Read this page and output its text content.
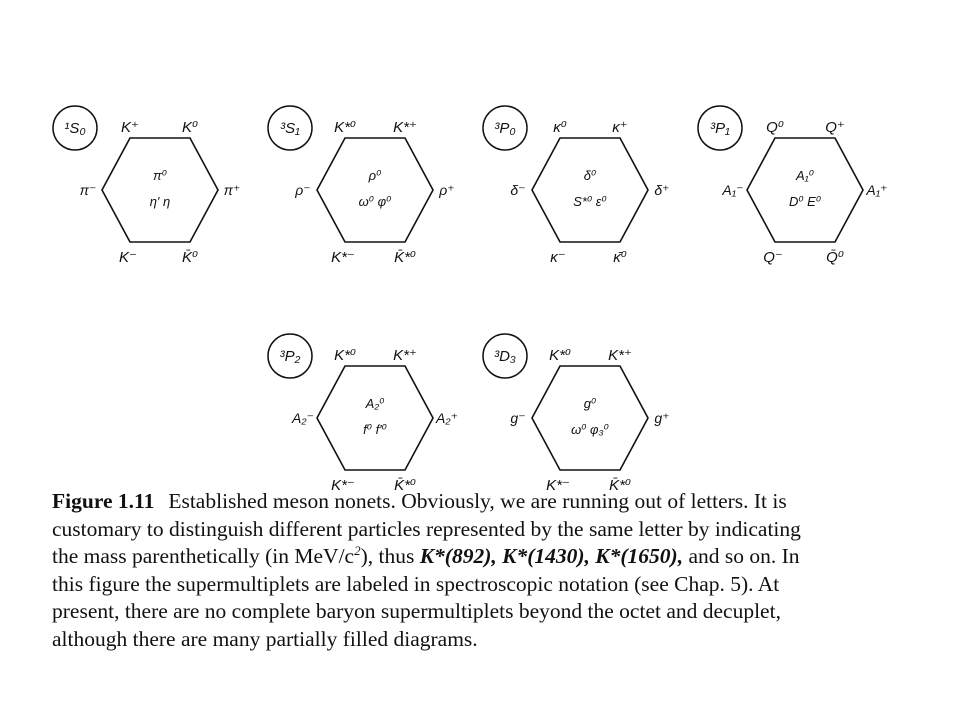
¹S₀ K⁺	K⁰
K⁻	K̄⁰
π⁻	π⁺
π⁰
η′ η
³S₁ K*⁰ K*⁺
K*⁻	K̄*⁰
ρ⁻	ρ⁺
ρ⁰
ω⁰ φ⁰
³P₀	κ⁰	κ⁺
κ⁻	κ̄⁰
δ⁻	δ⁺
δ⁰
S*⁰ ε⁰
³P₁ Q⁰	Q⁺
Q⁻	Q̄⁰
A₁⁻	A₁⁺
A₁⁰
D⁰ E⁰
³P₂ K*⁰ K*⁺
K*⁻	K̄*⁰
A₂⁻	A₂⁺
A₂⁰
f⁰ f′⁰
³D₃ K*⁰ K*⁺
K*⁻	K̄*⁰
g⁻	g⁺
g⁰
ω⁰ φ₃⁰
Figure 1.11 Established meson nonets. Obviously, we are running out of letters. It is
customary to distinguish different particles represented by the same letter by indicating
the mass parenthetically (in MeV/$c^2$), thus K*(892), K*(1430), K*(1650), and so on. In
this figure the supermultiplets are labeled in spectroscopic notation (see Chap. 5). At
present, there are no complete baryon supermultiplets beyond the octet and decuplet,
although there are many partially filled diagrams.
